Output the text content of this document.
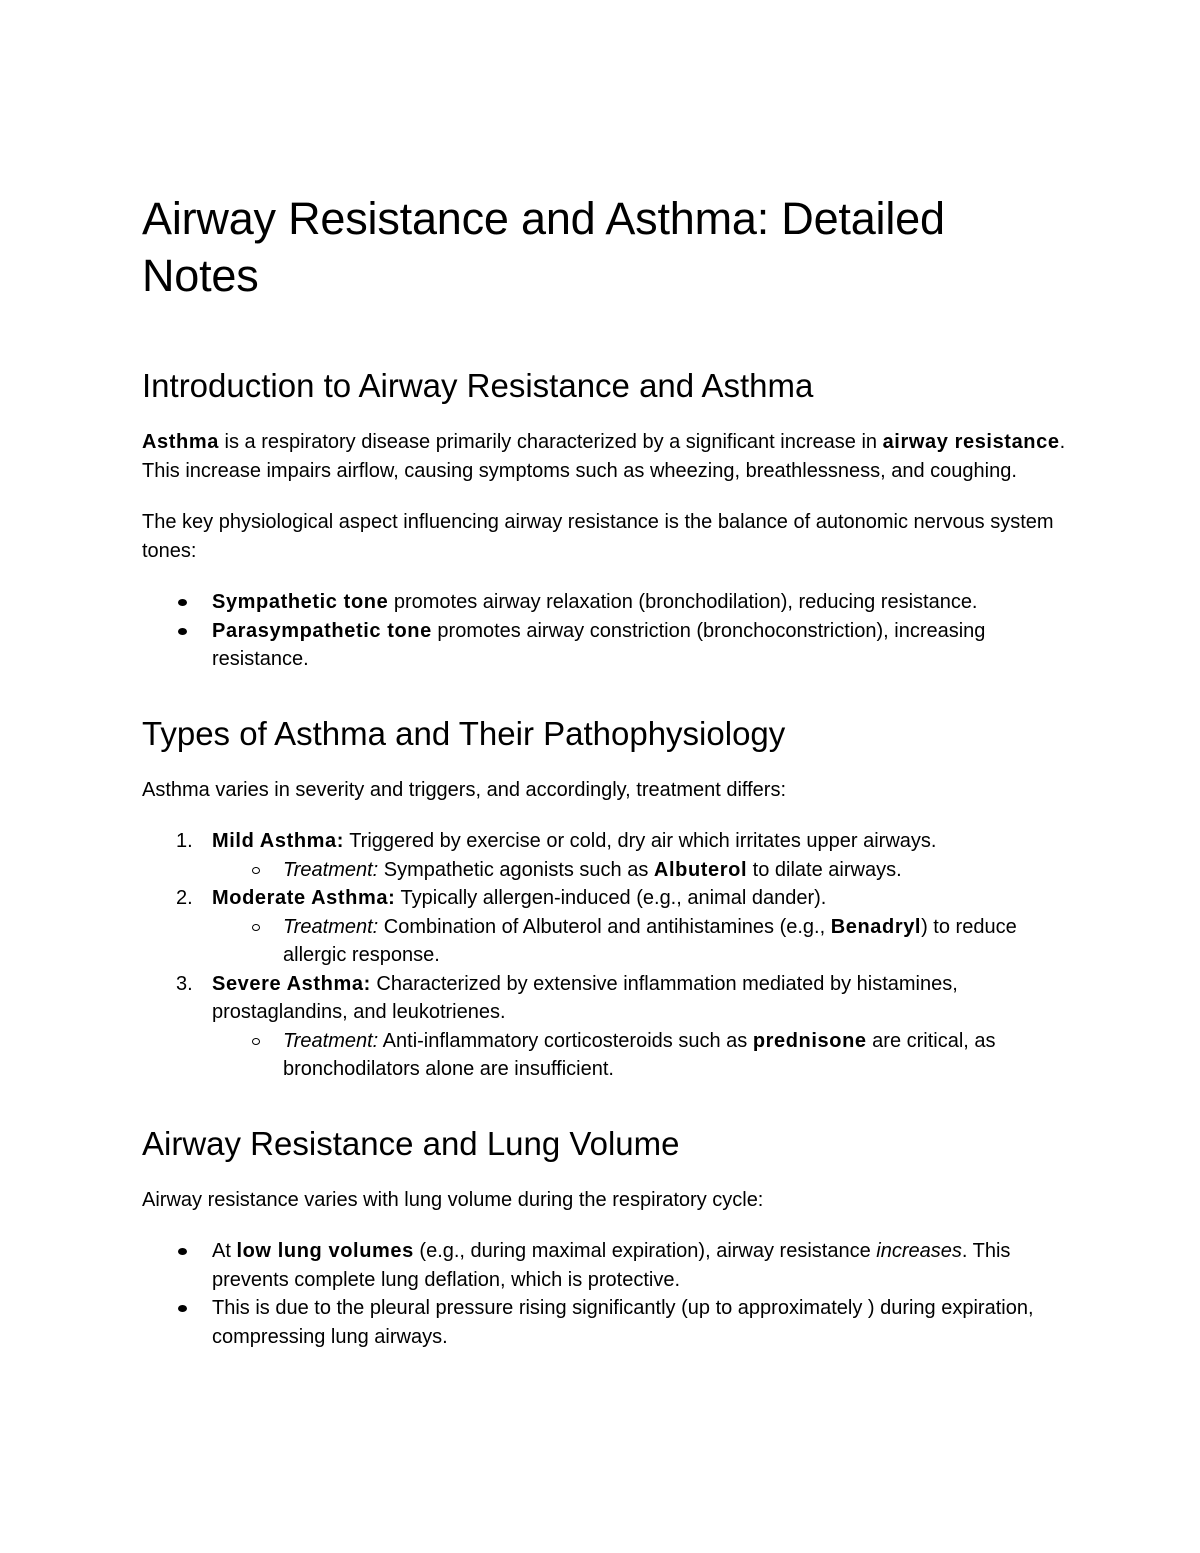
Airway Resistance and Asthma: Detailed Notes
Introduction to Airway Resistance and Asthma

Asthma is a respiratory disease primarily characterized by a significant increase in airway resistance. This increase impairs airflow, causing symptoms such as wheezing, breathlessness, and coughing.

The key physiological aspect influencing airway resistance is the balance of autonomic nervous system tones:

Sympathetic tone promotes airway relaxation (bronchodilation), reducing resistance.
Parasympathetic tone promotes airway constriction (bronchoconstriction), increasing resistance.
Types of Asthma and Their Pathophysiology

Asthma varies in severity and triggers, and accordingly, treatment differs:

1. Mild Asthma: Triggered by exercise or cold, dry air which irritates upper airways.
Treatment: Sympathetic agonists such as Albuterol to dilate airways.
2. Moderate Asthma: Typically allergen-induced (e.g., animal dander).
Treatment: Combination of Albuterol and antihistamines (e.g., Benadryl) to reduce allergic response.
3. Severe Asthma: Characterized by extensive inflammation mediated by histamines, prostaglandins, and leukotrienes.
Treatment: Anti-inflammatory corticosteroids such as prednisone are critical, as bronchodilators alone are insufficient.
Airway Resistance and Lung Volume

Airway resistance varies with lung volume during the respiratory cycle:

At low lung volumes (e.g., during maximal expiration), airway resistance increases. This prevents complete lung deflation, which is protective.
This is due to the pleural pressure rising significantly (up to approximately ) during expiration, compressing lung airways.
